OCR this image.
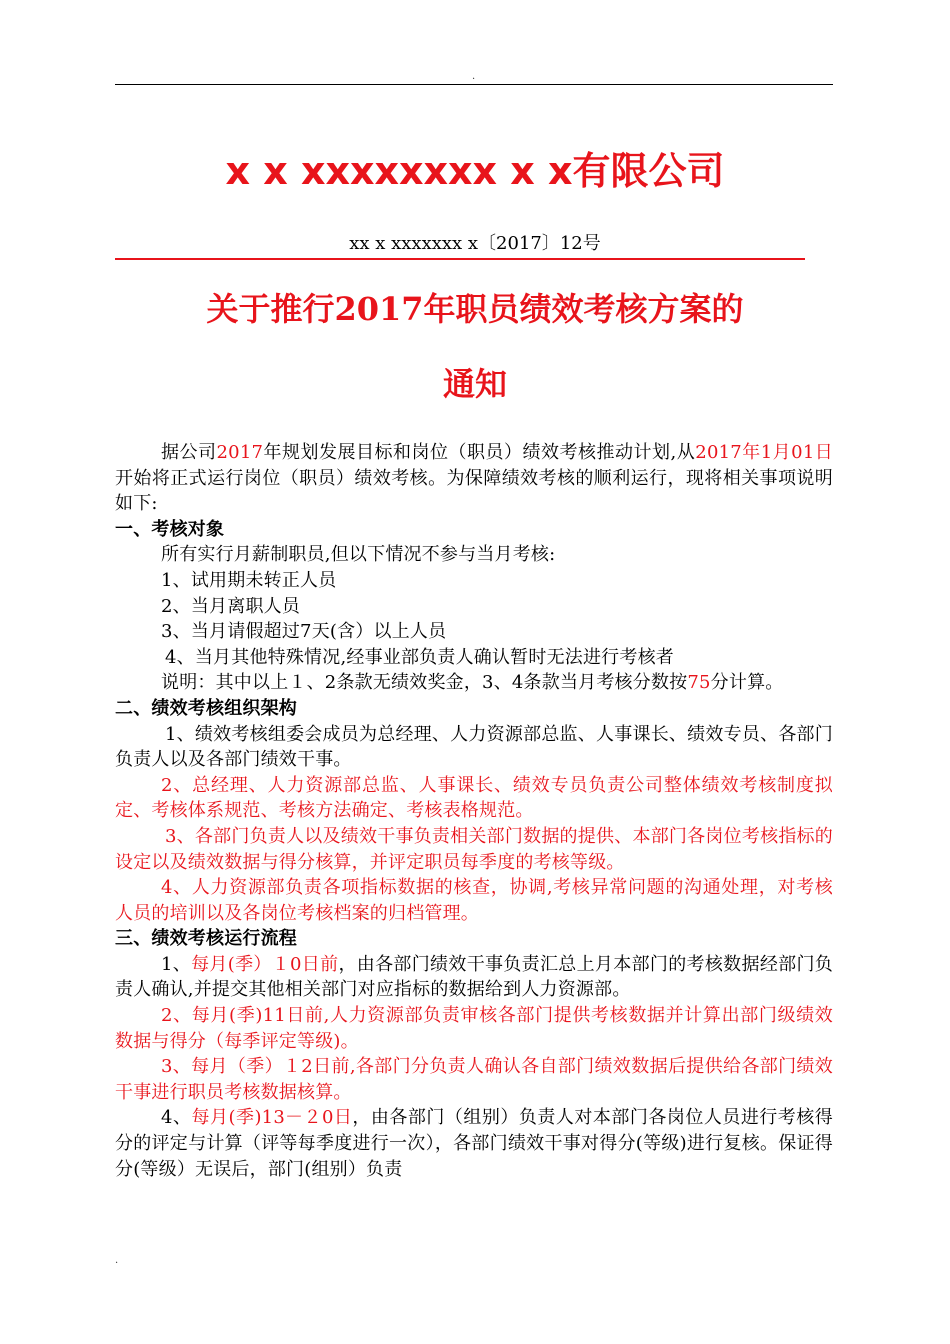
.
x x xxxxxxxx x x有限公司
xx x xxxxxxx x〔2017〕12号
关于推行2017年职员绩效考核方案的
通知

据公司2017年规划发展目标和岗位（职员）绩效考核推动计划,从2017年1月01日开始将正式运行岗位（职员）绩效考核。为保障绩效考核的顺利运行，现将相关事项说明如下:

一、考核对象

所有实行月薪制职员,但以下情况不参与当月考核:

1、试用期未转正人员

2、当月离职人员

3、当月请假超过7天(含）以上人员

4、当月其他特殊情况,经事业部负责人确认暂时无法进行考核者

说明：其中以上１、2条款无绩效奖金，3、4条款当月考核分数按75分计算。

二、绩效考核组织架构

1、绩效考核组委会成员为总经理、人力资源部总监、人事课长、绩效专员、各部门负责人以及各部门绩效干事。

2、总经理、人力资源部总监、人事课长、绩效专员负责公司整体绩效考核制度拟定、考核体系规范、考核方法确定、考核表格规范。

3、各部门负责人以及绩效干事负责相关部门数据的提供、本部门各岗位考核指标的设定以及绩效数据与得分核算，并评定职员每季度的考核等级。

4、人力资源部负责各项指标数据的核查，协调,考核异常问题的沟通处理，对考核人员的培训以及各岗位考核档案的归档管理。

三、绩效考核运行流程

1、每月(季）１0日前，由各部门绩效干事负责汇总上月本部门的考核数据经部门负责人确认,并提交其他相关部门对应指标的数据给到人力资源部。

2、每月(季)11日前,人力资源部负责审核各部门提供考核数据并计算出部门级绩效数据与得分（每季评定等级)。

3、每月（季）１2日前,各部门分负责人确认各自部门绩效数据后提供给各部门绩效干事进行职员考核数据核算。

4、每月(季)13－２0日，由各部门（组别）负责人对本部门各岗位人员进行考核得分的评定与计算（评等每季度进行一次），各部门绩效干事对得分(等级)进行复核。保证得分(等级）无误后，部门(组别）负责

.
